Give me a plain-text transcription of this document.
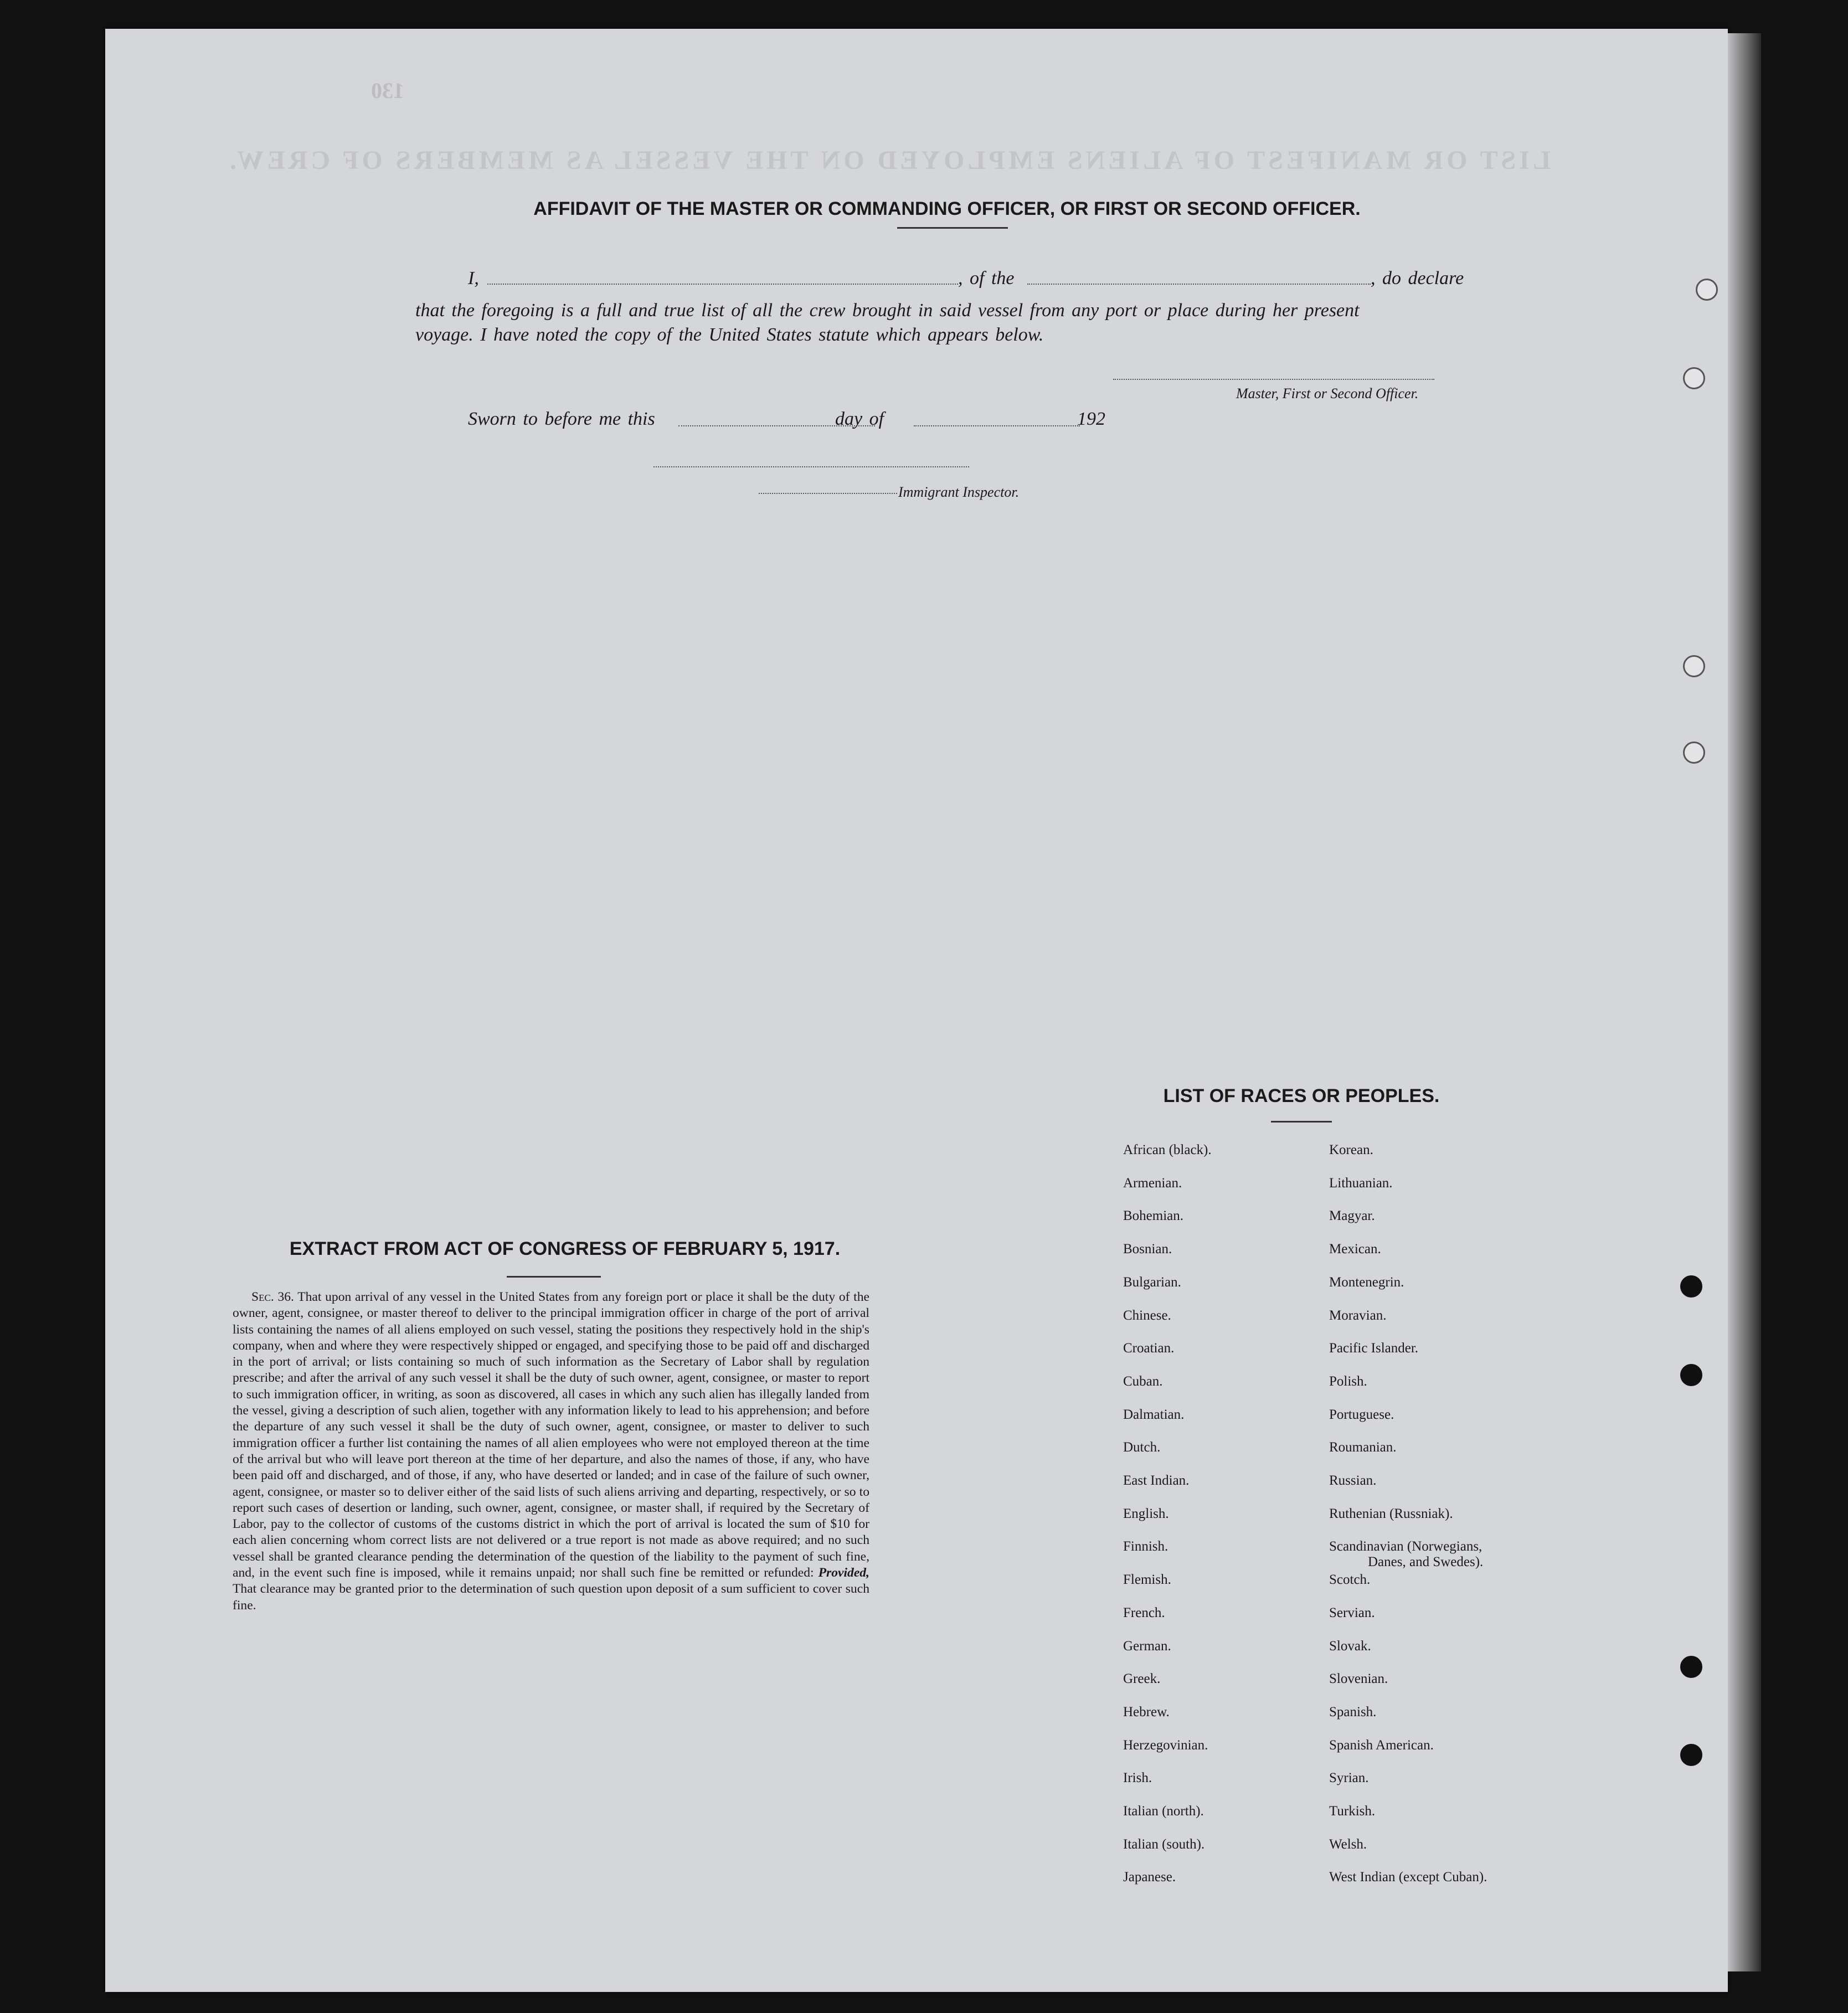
LIST OR MANIFEST OF ALIENS EMPLOYED ON THE VESSEL AS MEMBERS OF CREW.
130
AFFIDAVIT OF THE MASTER OR COMMANDING OFFICER, OR FIRST OR SECOND OFFICER.
I,	, of the	, do declare
that the foregoing is a full and true list of all the crew brought in said vessel from any port or place during her present
voyage. I have noted the copy of the United States statute which appears below.
Master, First or Second Officer.
Sworn to before me this	day of	192
Immigrant Inspector.
LIST OF RACES OR PEOPLES.
EXTRACT FROM ACT OF CONGRESS OF FEBRUARY 5, 1917.
Sec. 36. That upon arrival of any vessel in the United States from any foreign port or place it shall be the duty of the owner, agent, consignee, or master thereof to deliver to the principal immigration officer in charge of the port of arrival lists containing the names of all aliens employed on such vessel, stating the positions they respectively hold in the ship's company, when and where they were respectively shipped or engaged, and specifying those to be paid off and discharged in the port of arrival; or lists containing so much of such information as the Secretary of Labor shall by regulation prescribe; and after the arrival of any such vessel it shall be the duty of such owner, agent, consignee, or master to report to such immigration officer, in writing, as soon as discovered, all cases in which any such alien has illegally landed from the vessel, giving a description of such alien, together with any information likely to lead to his apprehension; and before the departure of any such vessel it shall be the duty of such owner, agent, consignee, or master to deliver to such immigration officer a further list containing the names of all alien employees who were not employed thereon at the time of the arrival but who will leave port thereon at the time of her departure, and also the names of those, if any, who have been paid off and discharged, and of those, if any, who have deserted or landed; and in case of the failure of such owner, agent, consignee, or master so to deliver either of the said lists of such aliens arriving and departing, respectively, or so to report such cases of desertion or landing, such owner, agent, consignee, or master shall, if required by the Secretary of Labor, pay to the collector of customs of the customs district in which the port of arrival is located the sum of $10 for each alien concerning whom correct lists are not delivered or a true report is not made as above required; and no such vessel shall be granted clearance pending the determination of the question of the liability to the payment of such fine, and, in the event such fine is imposed, while it remains unpaid; nor shall such fine be remitted or refunded: Provided, That clearance may be granted prior to the determination of such question upon deposit of a sum sufficient to cover such fine.
African (black).
Armenian.
Bohemian.
Bosnian.
Bulgarian.
Chinese.
Croatian.
Cuban.
Dalmatian.
Dutch.
East Indian.
English.
Finnish.
Flemish.
French.
German.
Greek.
Hebrew.
Herzegovinian.
Irish.
Italian (north).
Italian (south).
Japanese.
Korean.
Lithuanian.
Magyar.
Mexican.
Montenegrin.
Moravian.
Pacific Islander.
Polish.
Portuguese.
Roumanian.
Russian.
Ruthenian (Russniak).
Scandinavian (Norwegians,
Danes, and Swedes).
Scotch.
Servian.
Slovak.
Slovenian.
Spanish.
Spanish American.
Syrian.
Turkish.
Welsh.
West Indian (except Cuban).
